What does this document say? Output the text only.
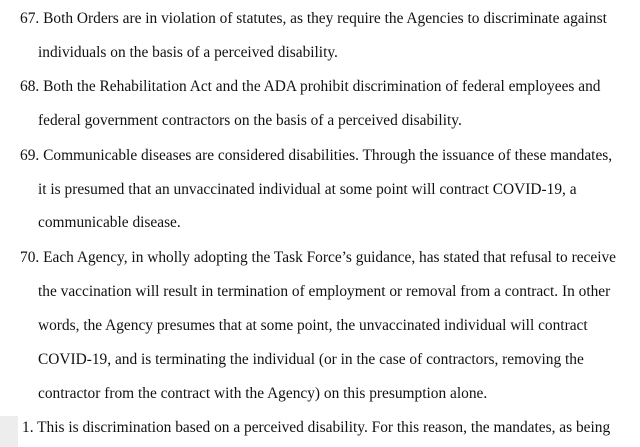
67. Both Orders are in violation of statutes, as they require the Agencies to discriminate against
individuals on the basis of a perceived disability.
68. Both the Rehabilitation Act and the ADA prohibit discrimination of federal employees and
federal government contractors on the basis of a perceived disability.
69. Communicable diseases are considered disabilities. Through the issuance of these mandates,
it is presumed that an unvaccinated individual at some point will contract COVID-19, a
communicable disease.
70. Each Agency, in wholly adopting the Task Force’s guidance, has stated that refusal to receive
the vaccination will result in termination of employment or removal from a contract. In other
words, the Agency presumes that at some point, the unvaccinated individual will contract
COVID-19, and is terminating the individual (or in the case of contractors, removing the
contractor from the contract with the Agency) on this presumption alone.
1. This is discrimination based on a perceived disability. For this reason, the mandates, as being
